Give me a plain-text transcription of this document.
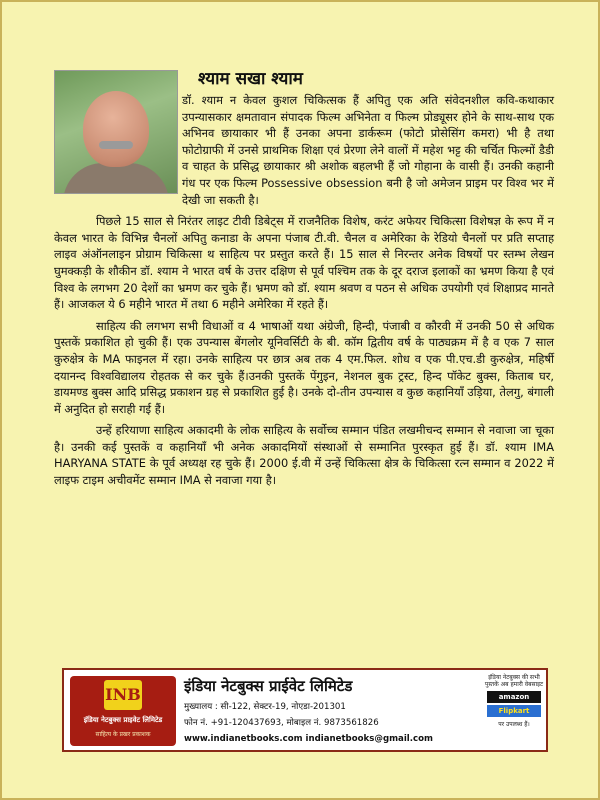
श्याम सखा श्याम

डॉ. श्याम न केवल कुशल चिकित्सक हैं अपितु एक अति संवेदनशील कवि-कथाकार उपन्यासकार क्षमतावान संपादक फिल्म अभिनेता व फिल्म प्रोड्यूसर होने के साथ-साथ एक अभिनव छायाकार भी हैं उनका अपना डार्करूम (फोटो प्रोसेसिंग कमरा) भी है तथा फोटोग्राफी में उनसे प्राथमिक शिक्षा एवं प्रेरणा लेने वालों में महेश भट्ट की चर्चित फिल्मों डैडी व चाहत के प्रसिद्ध छायाकार श्री अशोक बहलभी हैं जो गोहाना के वासी हैं। उनकी कहानी गंध पर एक फिल्म Possessive obsession बनी है जो अमेजन प्राइम पर विश्व भर में देखी जा सकती है।

पिछले 15 साल से निरंतर लाइट टीवी डिबेट्स में राजनैतिक विशेष, करंट अफेयर चिकित्सा विशेषज्ञ के रूप में न केवल भारत के विभिन्न चैनलों अपितु कनाडा के अपना पंजाब टी.वी. चैनल व अमेरिका के रेडियो चैनलों पर प्रति सप्ताह लाइव अंऑनलाइन प्रोग्राम चिकित्सा थ साहित्य पर प्रस्तुत करते हैं। 15 साल से निरन्तर अनेक विषयों पर स्तम्भ लेखन घुमक्कड़ी के शौकीन डॉ. श्याम ने भारत वर्ष के उत्तर दक्षिण से पूर्व पश्चिम तक के दूर दराज इलाकों का भ्रमण किया है एवं विश्व के लगभग 20 देशों का भ्रमण कर चुके हैं। भ्रमण को डॉ. श्याम श्रवण व पठन से अधिक उपयोगी एवं शिक्षाप्रद मानते हैं। आजकल ये 6 महीने भारत में तथा 6 महीने अमेरिका में रहते हैं।

साहित्य की लगभग सभी विधाओं व 4 भाषाओं यथा अंग्रेजी, हिन्दी, पंजाबी व कौरवी में उनकी 50 से अधिक पुस्तकें प्रकाशित हो चुकी हैं। एक उपन्यास बेंगलोर यूनिवर्सिटी के बी. कॉम द्वितीय वर्ष के पाठ्यक्रम में है व एक 7 साल कुरुक्षेत्र के MA फाइनल में रहा। उनके साहित्य पर छात्र अब तक 4 एम.फिल. शोध व एक पी.एच.डी कुरुक्षेत्र, महिर्षी दयानन्द विश्वविद्यालय रोहतक से कर चुके हैं।उनकी पुस्तकें पेंगुइन, नेशनल बुक ट्रस्ट, हिन्द पॉकेट बुक्स, किताब घर, डायमण्ड बुक्स आदि प्रसिद्ध प्रकाशन ग्रह से प्रकाशित हुई है। उनके दो-तीन उपन्यास व कुछ कहानियाँ उड़िया, तेलगु, बंगाली में अनुदित हो सराही गई हैं।

उन्हें हरियाणा साहित्य अकादमी के लोक साहित्य के सर्वोच्च सम्मान पंडित लखमीचन्द सम्मान से नवाजा जा चूका है। उनकी कई पुस्तकें व कहानियाँ भी अनेक अकादमियों संस्थाओं से सम्मानित पुरस्कृत हुई हैं। डॉ. श्याम IMA HARYANA STATE के पूर्व अध्यक्ष रह चुके हैं। 2000 ई.वी में उन्हें चिकित्सा क्षेत्र के चिकित्सा रत्न सम्मान व 2022 में लाइफ टाइम अचीवमेंट सम्मान IMA से नवाजा गया है।

INB
इंडिया नेटबुक्स प्राइवेट लिमिटेड
साहित्य के प्रखर प्रकाशक
इंडिया नेटबुक्स प्राईवेट लिमिटेड
मुख्यालय : सी-122, सेक्टर-19, नोएडा-201301
फोन नं. +91-120437693, मोबाइल नं. 9873561826
www.indianetbooks.com indianetbooks@gmail.com
इंडिया नेटबुक्स की सभी पुस्तकें अब हमारी वेबसाइट
amazon
Flipkart
पर उपलब्ध हैं।
